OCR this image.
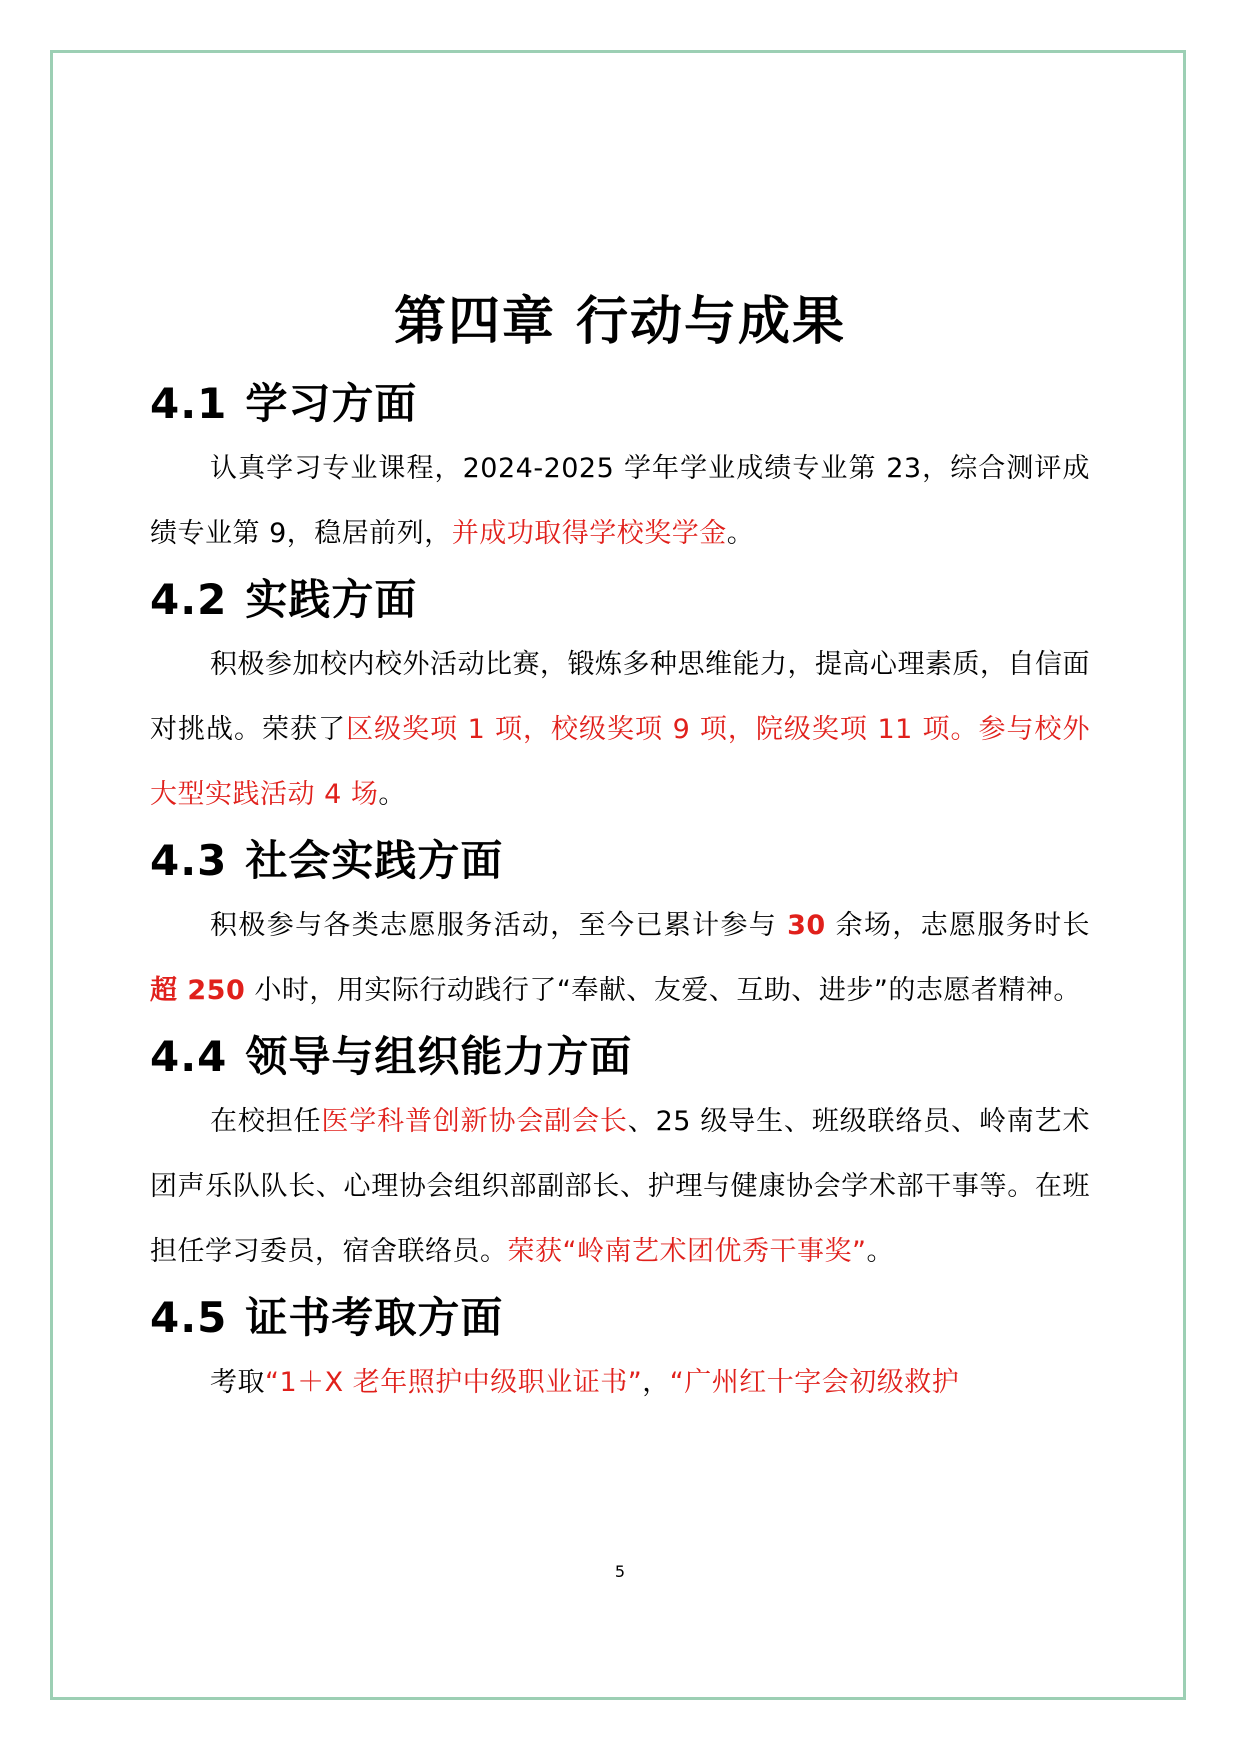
第四章 行动与成果
4.1 学习方面

认真学习专业课程，2024-2025 学年学业成绩专业第 23，综合测评成绩专业第 9，稳居前列，并成功取得学校奖学金。

4.2 实践方面

积极参加校内校外活动比赛，锻炼多种思维能力，提高心理素质，自信面对挑战。荣获了区级奖项 1 项，校级奖项 9 项，院级奖项 11 项。参与校外大型实践活动 4 场。

4.3 社会实践方面

积极参与各类志愿服务活动，至今已累计参与 30 余场，志愿服务时长超 250 小时，用实际行动践行了“奉献、友爱、互助、进步”的志愿者精神。

4.4 领导与组织能力方面

在校担任医学科普创新协会副会长、25 级导生、班级联络员、岭南艺术团声乐队队长、心理协会组织部副部长、护理与健康协会学术部干事等。在班担任学习委员，宿舍联络员。荣获“岭南艺术团优秀干事奖”。

4.5 证书考取方面

考取“1＋X 老年照护中级职业证书”，“广州红十字会初级救护

5
